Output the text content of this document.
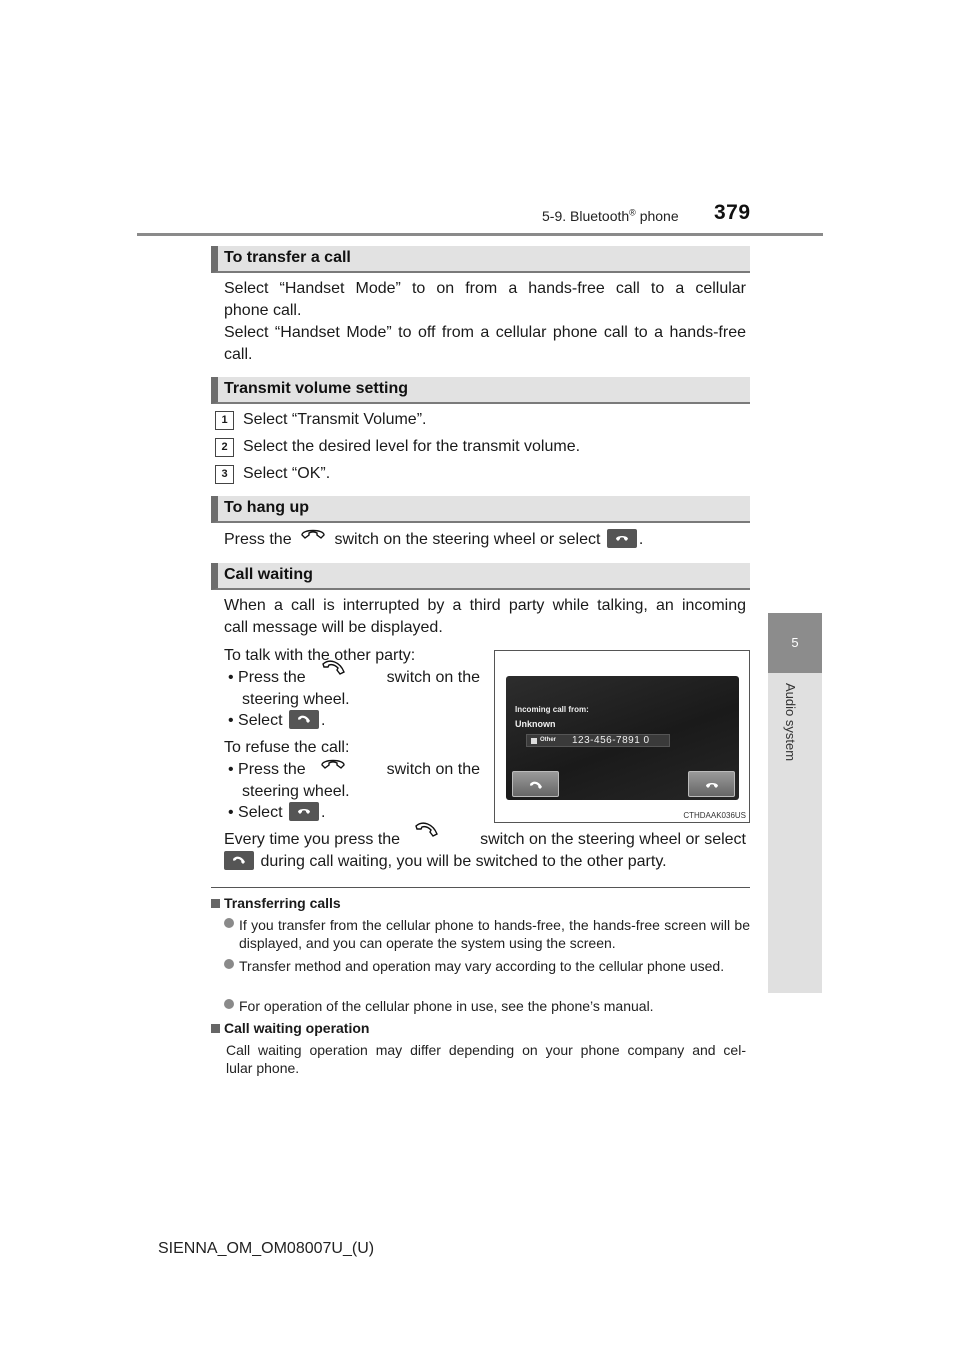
5-9. Bluetooth® phone 379
5
Audio system
To transfer a call
Select “Handset Mode” to on from a hands-free call to a cellular
phone call.
Select “Handset Mode” to off from a cellular phone call to a hands-free
call.
Transmit volume setting
1 Select “Transmit Volume”.
2 Select the desired level for the transmit volume.
3 Select “OK”.
To hang up
Press the	switch on the steering wheel or select .
Call waiting
When a call is interrupted by a third party while talking, an incoming
call message will be displayed.
To talk with the other party:
• Press the	switch on the
steering wheel.
• Select .
To refuse the call:
• Press the	switch on the
steering wheel.
• Select .
Every time you press the	switch on the steering wheel or select
during call waiting, you will be switched to the other party.
Incoming call from:
Unknown
Other 123-456-7891 0
CTHDAAK036US
Transferring calls
If you transfer from the cellular phone to hands-free, the hands-free screen will be displayed, and you can operate the system using the screen.
Transfer method and operation may vary according to the cellular phone used.
For operation of the cellular phone in use, see the phone’s manual.
Call waiting operation
Call waiting operation may differ depending on your phone company and cel-
lular phone.
SIENNA_OM_OM08007U_(U)
